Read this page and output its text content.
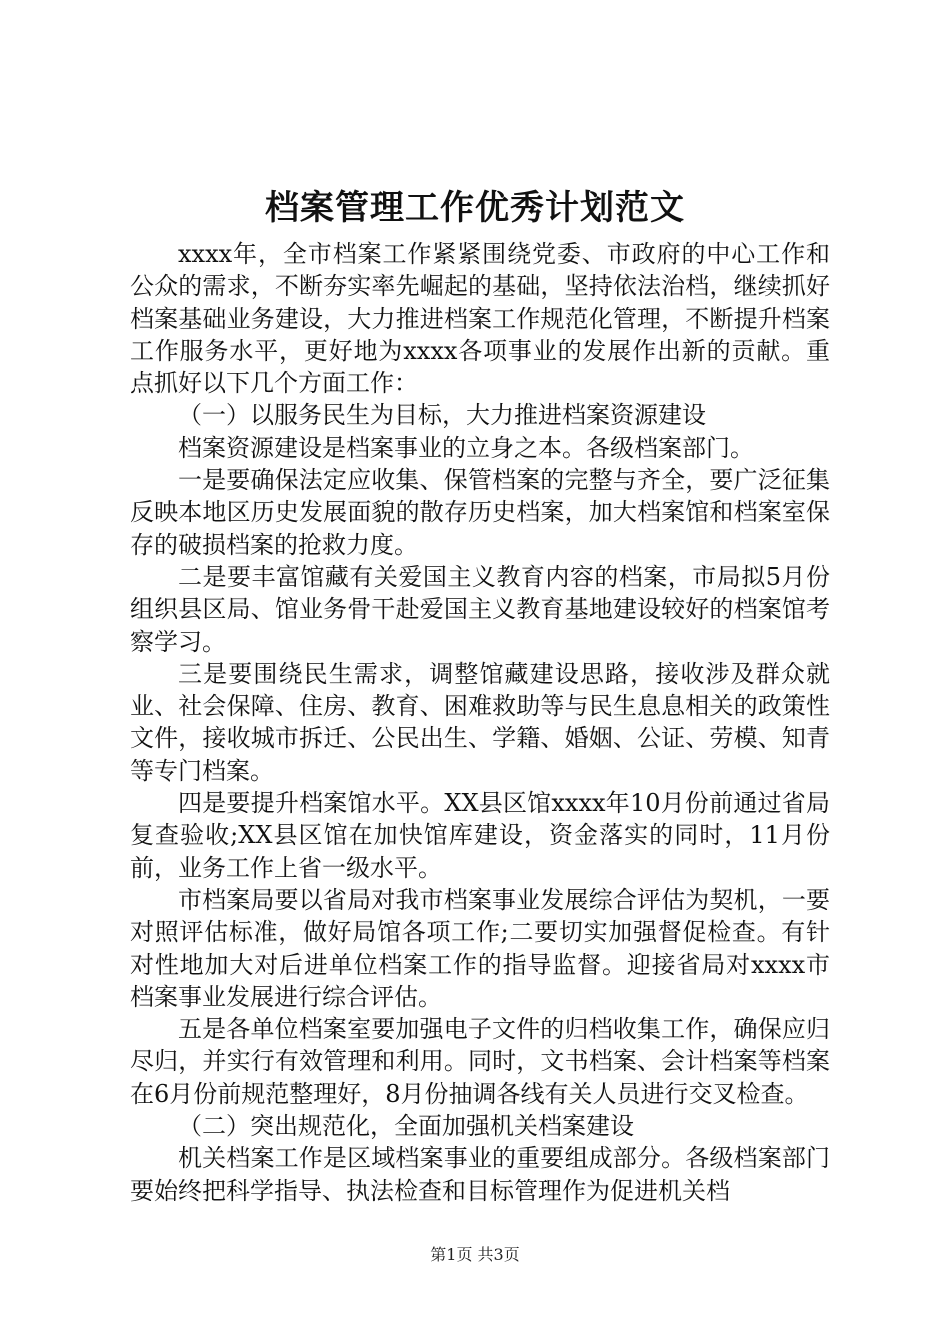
档案管理工作优秀计划范文

xxxx年，全市档案工作紧紧围绕党委、市政府的中心工作和公众的需求，不断夯实率先崛起的基础，坚持依法治档，继续抓好档案基础业务建设，大力推进档案工作规范化管理，不断提升档案工作服务水平，更好地为xxxx各项事业的发展作出新的贡献。重点抓好以下几个方面工作：

（一）以服务民生为目标，大力推进档案资源建设

档案资源建设是档案事业的立身之本。各级档案部门。

一是要确保法定应收集、保管档案的完整与齐全，要广泛征集反映本地区历史发展面貌的散存历史档案，加大档案馆和档案室保存的破损档案的抢救力度。

二是要丰富馆藏有关爱国主义教育内容的档案，市局拟5月份组织县区局、馆业务骨干赴爱国主义教育基地建设较好的档案馆考察学习。

三是要围绕民生需求，调整馆藏建设思路，接收涉及群众就业、社会保障、住房、教育、困难救助等与民生息息相关的政策性文件，接收城市拆迁、公民出生、学籍、婚姻、公证、劳模、知青等专门档案。

四是要提升档案馆水平。XX县区馆xxxx年10月份前通过省局复查验收;XX县区馆在加快馆库建设，资金落实的同时，11月份前，业务工作上省一级水平。

市档案局要以省局对我市档案事业发展综合评估为契机，一要对照评估标准，做好局馆各项工作;二要切实加强督促检查。有针对性地加大对后进单位档案工作的指导监督。迎接省局对xxxx市档案事业发展进行综合评估。

五是各单位档案室要加强电子文件的归档收集工作，确保应归尽归，并实行有效管理和利用。同时，文书档案、会计档案等档案在6月份前规范整理好，8月份抽调各线有关人员进行交叉检查。

（二）突出规范化，全面加强机关档案建设

机关档案工作是区域档案事业的重要组成部分。各级档案部门要始终把科学指导、执法检查和目标管理作为促进机关档

第1页 共3页
